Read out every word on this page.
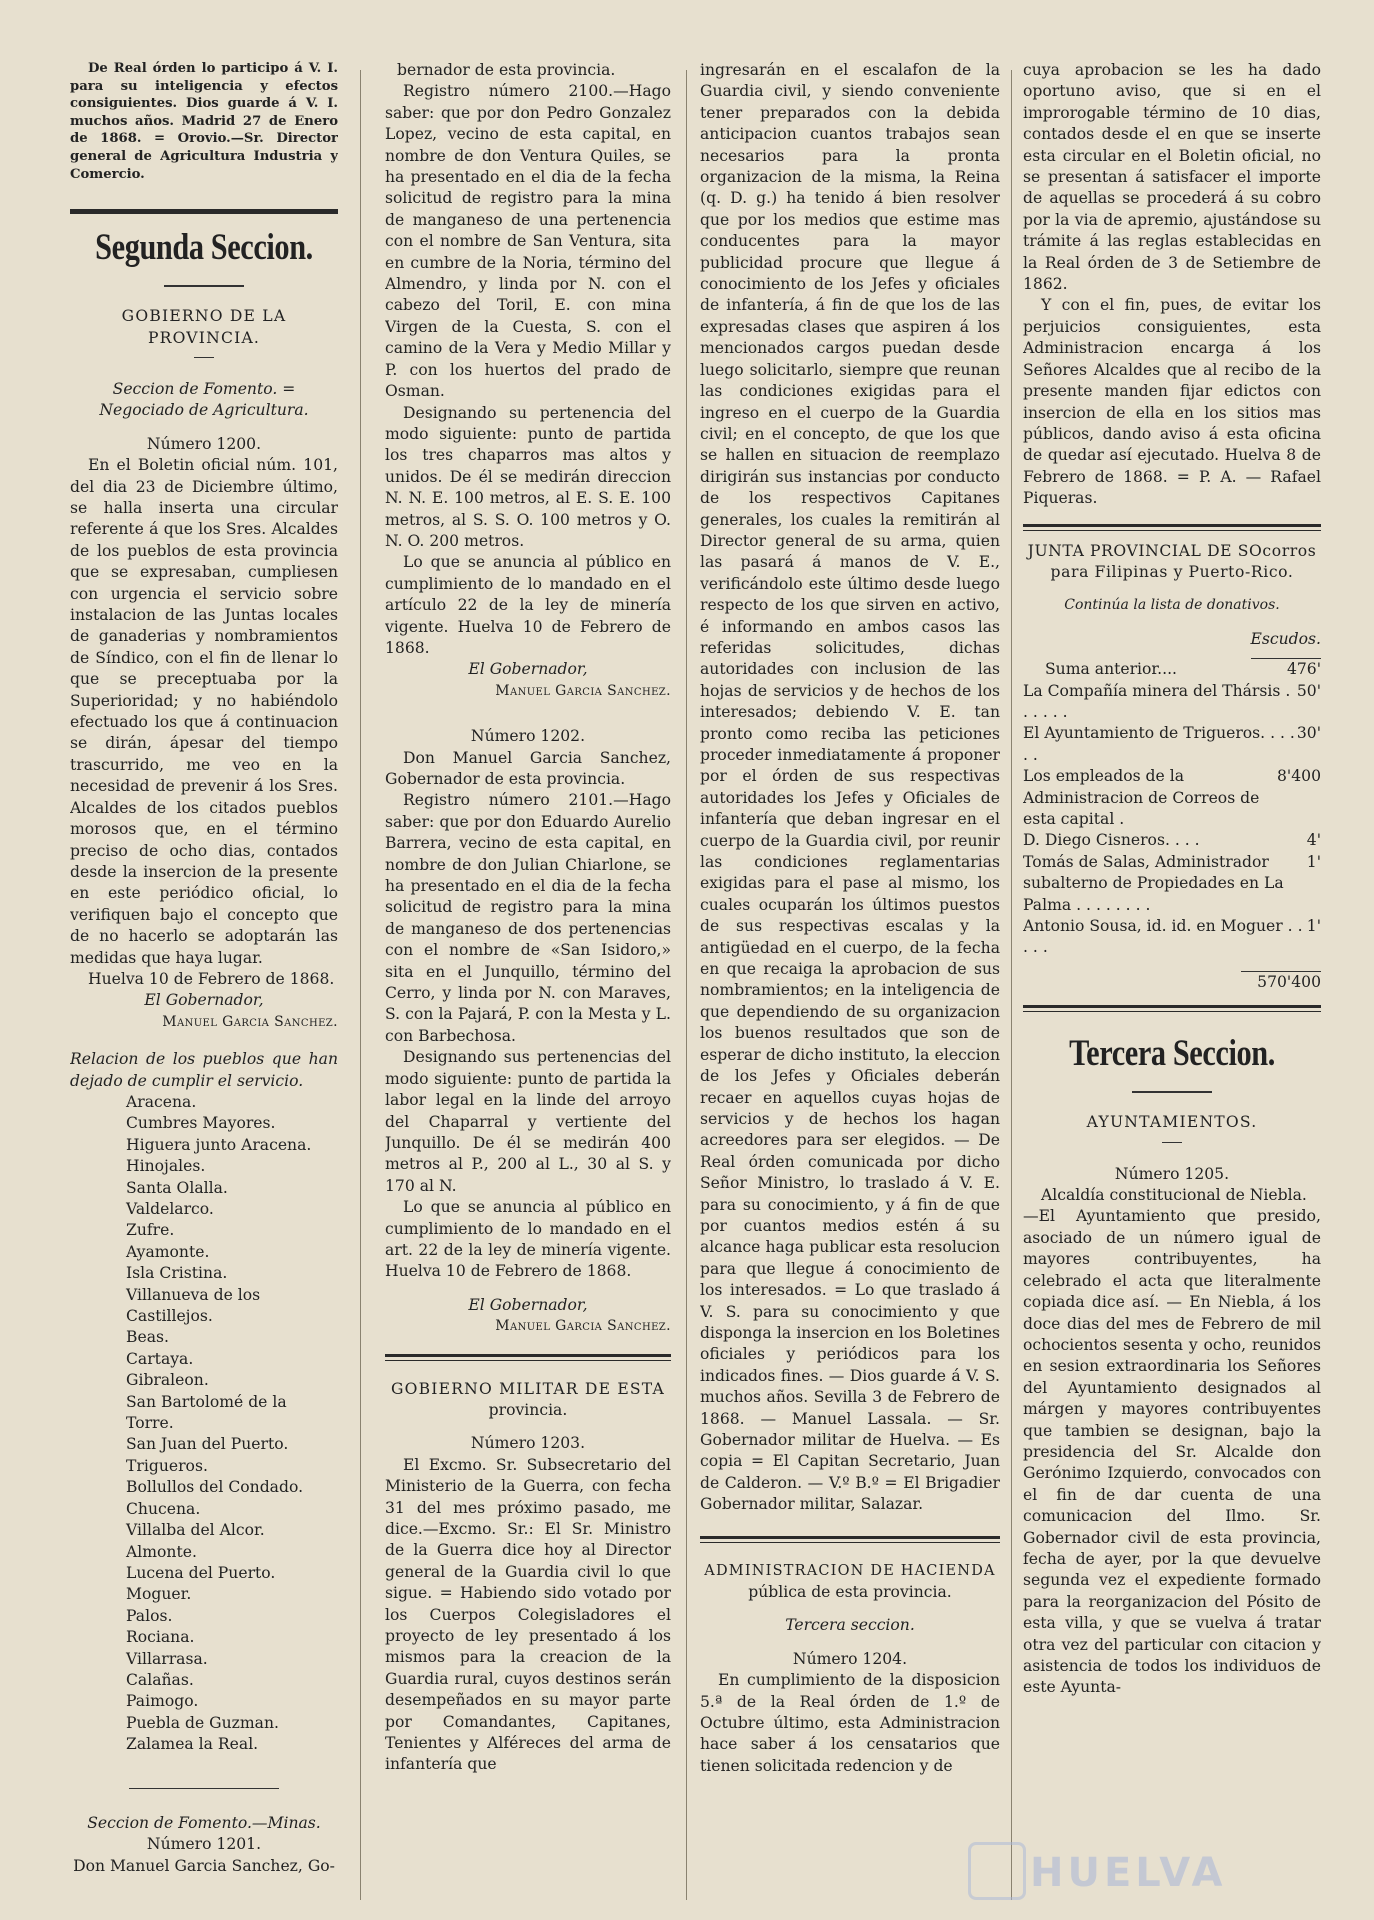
De Real órden lo participo á V. I. para su inteligencia y efectos consiguientes. Dios guarde á V. I. muchos años. Madrid 27 de Enero de 1868. = Orovio.—Sr. Director general de Agricultura Industria y Comercio.

Segunda Seccion.

GOBIERNO DE LA PROVINCIA.

Seccion de Fomento. = Negociado de Agricultura.

Número 1200.

En el Boletin oficial núm. 101, del dia 23 de Diciembre último, se halla inserta una circular referente á que los Sres. Alcaldes de los pueblos de esta provincia que se expresaban, cumpliesen con urgencia el servicio sobre instalacion de las Juntas locales de ganaderias y nombramientos de Síndico, con el fin de llenar lo que se preceptuaba por la Superioridad; y no habiéndolo efectuado los que á continuacion se dirán, ápesar del tiempo trascurrido, me veo en la necesidad de prevenir á los Sres. Alcaldes de los citados pueblos morosos que, en el término preciso de ocho dias, contados desde la insercion de la presente en este periódico oficial, lo verifiquen bajo el concepto que de no hacerlo se adoptarán las medidas que haya lugar.

Huelva 10 de Febrero de 1868.

El Gobernador,

Manuel Garcia Sanchez.

Relacion de los pueblos que han dejado de cumplir el servicio.

Aracena.
Cumbres Mayores.
Higuera junto Aracena.
Hinojales.
Santa Olalla.
Valdelarco.
Zufre.
Ayamonte.
Isla Cristina.
Villanueva de los Castillejos.
Beas.
Cartaya.
Gibraleon.
San Bartolomé de la Torre.
San Juan del Puerto.
Trigueros.
Bollullos del Condado.
Chucena.
Villalba del Alcor.
Almonte.
Lucena del Puerto.
Moguer.
Palos.
Rociana.
Villarrasa.
Calañas.
Paimogo.
Puebla de Guzman.
Zalamea la Real.

Seccion de Fomento.—Minas.

Número 1201.

Don Manuel Garcia Sanchez, Go-

bernador de esta provincia.

Registro número 2100.—Hago saber: que por don Pedro Gonzalez Lopez, vecino de esta capital, en nombre de don Ventura Quiles, se ha presentado en el dia de la fecha solicitud de registro para la mina de manganeso de una pertenencia con el nombre de San Ventura, sita en cumbre de la Noria, término del Almendro, y linda por N. con el cabezo del Toril, E. con mina Virgen de la Cuesta, S. con el camino de la Vera y Medio Millar y P. con los huertos del prado de Osman.

Designando su pertenencia del modo siguiente: punto de partida los tres chaparros mas altos y unidos. De él se medirán direccion N. N. E. 100 metros, al E. S. E. 100 metros, al S. S. O. 100 metros y O. N. O. 200 metros.

Lo que se anuncia al público en cumplimiento de lo mandado en el artículo 22 de la ley de minería vigente. Huelva 10 de Febrero de 1868.

El Gobernador,

Manuel Garcia Sanchez.

Número 1202.

Don Manuel Garcia Sanchez, Gobernador de esta provincia.

Registro número 2101.—Hago saber: que por don Eduardo Aurelio Barrera, vecino de esta capital, en nombre de don Julian Chiarlone, se ha presentado en el dia de la fecha solicitud de registro para la mina de manganeso de dos pertenencias con el nombre de «San Isidoro,» sita en el Junquillo, término del Cerro, y linda por N. con Maraves, S. con la Pajará, P. con la Mesta y L. con Barbechosa.

Designando sus pertenencias del modo siguiente: punto de partida la labor legal en la linde del arroyo del Chaparral y vertiente del Junquillo. De él se medirán 400 metros al P., 200 al L., 30 al S. y 170 al N.

Lo que se anuncia al público en cumplimiento de lo mandado en el art. 22 de la ley de minería vigente. Huelva 10 de Febrero de 1868.

El Gobernador,

Manuel Garcia Sanchez.

GOBIERNO MILITAR DE ESTA

provincia.

Número 1203.

El Excmo. Sr. Subsecretario del Ministerio de la Guerra, con fecha 31 del mes próximo pasado, me dice.—Excmo. Sr.: El Sr. Ministro de la Guerra dice hoy al Director general de la Guardia civil lo que sigue. = Habiendo sido votado por los Cuerpos Colegisladores el proyecto de ley presentado á los mismos para la creacion de la Guardia rural, cuyos destinos serán desempeñados en su mayor parte por Comandantes, Capitanes, Tenientes y Alféreces del arma de infantería que

ingresarán en el escalafon de la Guardia civil, y siendo conveniente tener preparados con la debida anticipacion cuantos trabajos sean necesarios para la pronta organizacion de la misma, la Reina (q. D. g.) ha tenido á bien resolver que por los medios que estime mas conducentes para la mayor publicidad procure que llegue á conocimiento de los Jefes y oficiales de infantería, á fin de que los de las expresadas clases que aspiren á los mencionados cargos puedan desde luego solicitarlo, siempre que reunan las condiciones exigidas para el ingreso en el cuerpo de la Guardia civil; en el concepto, de que los que se hallen en situacion de reemplazo dirigirán sus instancias por conducto de los respectivos Capitanes generales, los cuales la remitirán al Director general de su arma, quien las pasará á manos de V. E., verificándolo este último desde luego respecto de los que sirven en activo, é informando en ambos casos las referidas solicitudes, dichas autoridades con inclusion de las hojas de servicios y de hechos de los interesados; debiendo V. E. tan pronto como reciba las peticiones proceder inmediatamente á proponer por el órden de sus respectivas autoridades los Jefes y Oficiales de infantería que deban ingresar en el cuerpo de la Guardia civil, por reunir las condiciones reglamentarias exigidas para el pase al mismo, los cuales ocuparán los últimos puestos de sus respectivas escalas y la antigüedad en el cuerpo, de la fecha en que recaiga la aprobacion de sus nombramientos; en la inteligencia de que dependiendo de su organizacion los buenos resultados que son de esperar de dicho instituto, la eleccion de los Jefes y Oficiales deberán recaer en aquellos cuyas hojas de servicios y de hechos los hagan acreedores para ser elegidos. — De Real órden comunicada por dicho Señor Ministro, lo traslado á V. E. para su conocimiento, y á fin de que por cuantos medios estén á su alcance haga publicar esta resolucion para que llegue á conocimiento de los interesados. = Lo que traslado á V. S. para su conocimiento y que disponga la insercion en los Boletines oficiales y periódicos para los indicados fines. — Dios guarde á V. S. muchos años. Sevilla 3 de Febrero de 1868. — Manuel Lassala. — Sr. Gobernador militar de Huelva. — Es copia = El Capitan Secretario, Juan de Calderon. — V.º B.º = El Brigadier Gobernador militar, Salazar.

ADMINISTRACION DE HACIENDA

pública de esta provincia.

Tercera seccion.

Número 1204.

En cumplimiento de la disposicion 5.ª de la Real órden de 1.º de Octubre último, esta Administracion hace saber á los censatarios que tienen solicitada redencion y de

cuya aprobacion se les ha dado oportuno aviso, que si en el improrogable término de 10 dias, contados desde el en que se inserte esta circular en el Boletin oficial, no se presentan á satisfacer el importe de aquellas se procederá á su cobro por la via de apremio, ajustándose su trámite á las reglas establecidas en la Real órden de 3 de Setiembre de 1862.

Y con el fin, pues, de evitar los perjuicios consiguientes, esta Administracion encarga á los Señores Alcaldes que al recibo de la presente manden fijar edictos con insercion de ella en los sitios mas públicos, dando aviso á esta oficina de quedar así ejecutado. Huelva 8 de Febrero de 1868. = P. A. — Rafael Piqueras.

JUNTA PROVINCIAL DE SOcorros para Filipinas y Puerto-Rico.

Continúa la lista de donativos.

Escudos.

Suma anterior....	476'
La Compañía minera del Thársis . . . . . .
50'
El Ayuntamiento de Trigueros. . . . . .
30'
Los empleados de la Administracion de Correos de esta capital .
8'400
D. Diego Cisneros. . . .	4'
Tomás de Salas, Administrador subalterno de Propiedades en La Palma . . . . . . . .
1'
Antonio Sousa, id. id. en Moguer . . . . .
1'

570'400

Tercera Seccion.

AYUNTAMIENTOS.

Número 1205.

Alcaldía constitucional de Niebla.

—El Ayuntamiento que presido, asociado de un número igual de mayores contribuyentes, ha celebrado el acta que literalmente copiada dice así. — En Niebla, á los doce dias del mes de Febrero de mil ochocientos sesenta y ocho, reunidos en sesion extraordinaria los Señores del Ayuntamiento designados al márgen y mayores contribuyentes que tambien se designan, bajo la presidencia del Sr. Alcalde don Gerónimo Izquierdo, convocados con el fin de dar cuenta de una comunicacion del Ilmo. Sr. Gobernador civil de esta provincia, fecha de ayer, por la que devuelve segunda vez el expediente formado para la reorganizacion del Pósito de esta villa, y que se vuelva á tratar otra vez del particular con citacion y asistencia de todos los individuos de este Ayunta-

HUELVA
